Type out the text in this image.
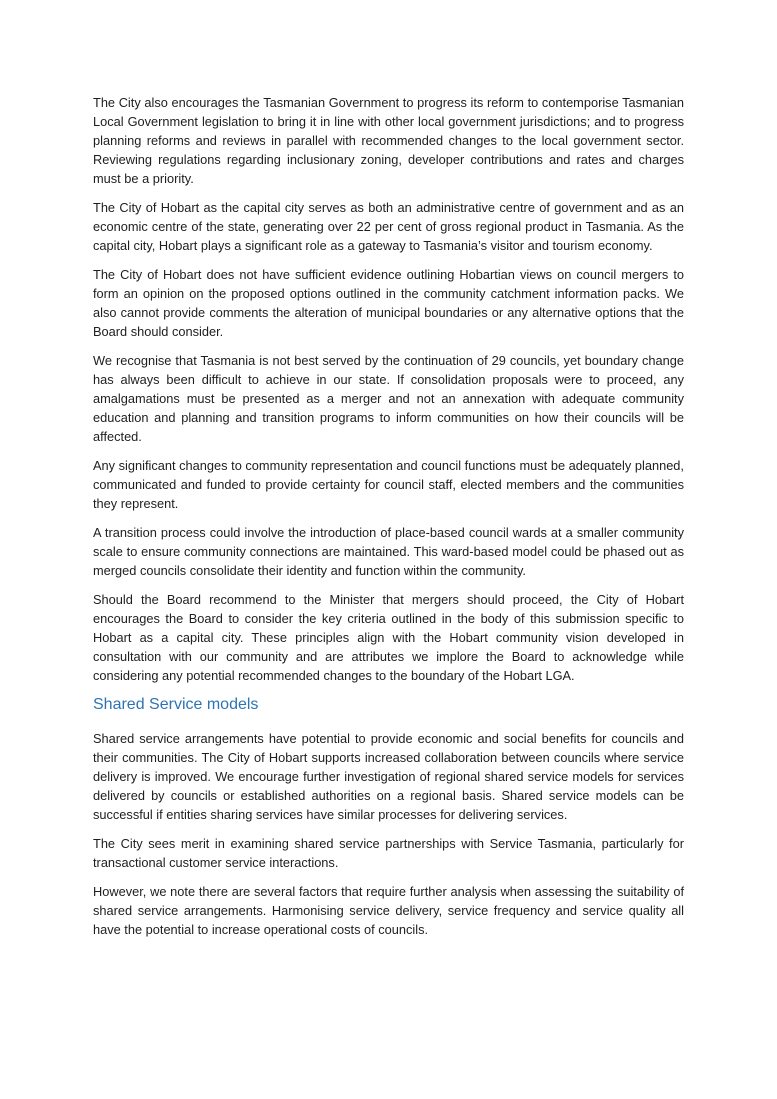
The City also encourages the Tasmanian Government to progress its reform to contemporise Tasmanian Local Government legislation to bring it in line with other local government jurisdictions; and to progress planning reforms and reviews in parallel with recommended changes to the local government sector. Reviewing regulations regarding inclusionary zoning, developer contributions and rates and charges must be a priority.

The City of Hobart as the capital city serves as both an administrative centre of government and as an economic centre of the state, generating over 22 per cent of gross regional product in Tasmania. As the capital city, Hobart plays a significant role as a gateway to Tasmania’s visitor and tourism economy.

The City of Hobart does not have sufficient evidence outlining Hobartian views on council mergers to form an opinion on the proposed options outlined in the community catchment information packs. We also cannot provide comments the alteration of municipal boundaries or any alternative options that the Board should consider.

We recognise that Tasmania is not best served by the continuation of 29 councils, yet boundary change has always been difficult to achieve in our state. If consolidation proposals were to proceed, any amalgamations must be presented as a merger and not an annexation with adequate community education and planning and transition programs to inform communities on how their councils will be affected.

Any significant changes to community representation and council functions must be adequately planned, communicated and funded to provide certainty for council staff, elected members and the communities they represent.

A transition process could involve the introduction of place-based council wards at a smaller community scale to ensure community connections are maintained. This ward-based model could be phased out as merged councils consolidate their identity and function within the community.

Should the Board recommend to the Minister that mergers should proceed, the City of Hobart encourages the Board to consider the key criteria outlined in the body of this submission specific to Hobart as a capital city. These principles align with the Hobart community vision developed in consultation with our community and are attributes we implore the Board to acknowledge while considering any potential recommended changes to the boundary of the Hobart LGA.

Shared Service models

Shared service arrangements have potential to provide economic and social benefits for councils and their communities. The City of Hobart supports increased collaboration between councils where service delivery is improved. We encourage further investigation of regional shared service models for services delivered by councils or established authorities on a regional basis. Shared service models can be successful if entities sharing services have similar processes for delivering services.

The City sees merit in examining shared service partnerships with Service Tasmania, particularly for transactional customer service interactions.

However, we note there are several factors that require further analysis when assessing the suitability of shared service arrangements. Harmonising service delivery, service frequency and service quality all have the potential to increase operational costs of councils.
